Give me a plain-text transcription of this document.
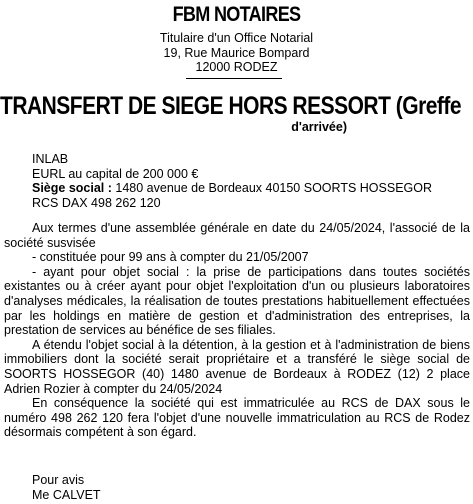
FBM NOTAIRES
Titulaire d'un Office Notarial
19, Rue Maurice Bompard
12000 RODEZ
TRANSFERT DE SIEGE HORS RESSORT (Greffe
d'arrivée)
INLAB
EURL au capital de 200 000 €
Siège social : 1480 avenue de Bordeaux 40150 SOORTS HOSSEGOR
RCS DAX 498 262 120

Aux termes d'une assemblée générale en date du 24/05/2024, l'associé de la société susvisée

- constituée pour 99 ans à compter du 21/05/2007

- ayant pour objet social : la prise de participations dans toutes sociétés existantes ou à créer ayant pour objet l'exploitation d'un ou plusieurs laboratoires d'analyses médicales, la réalisation de toutes prestations habituellement effectuées par les holdings en matière de gestion et d'administration des entreprises, la prestation de services au bénéfice de ses filiales.

A étendu l'objet social à la détention, à la gestion et à l'administration de biens immobiliers dont la société serait propriétaire et a transféré le siège social de SOORTS HOSSEGOR (40) 1480 avenue de Bordeaux à RODEZ (12) 2 place Adrien Rozier à compter du 24/05/2024

En conséquence la société qui est immatriculée au RCS de DAX sous le numéro 498 262 120 fera l'objet d'une nouvelle immatriculation au RCS de Rodez désormais compétent à son égard.

Pour avis
Me CALVET
